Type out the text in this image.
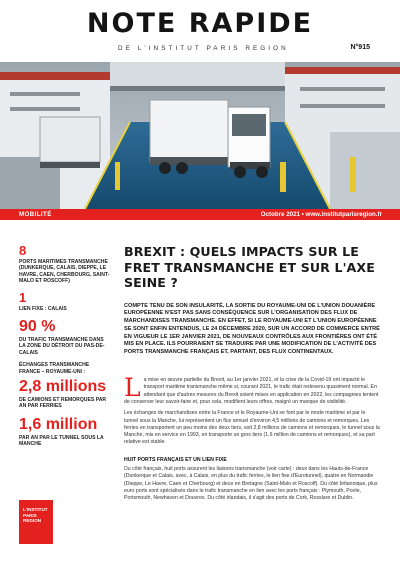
NOTE RAPIDE
DE L'INSTITUT PARIS REGION	N°915
MOBILITÉ	Octobre 2021 • www.institutparisregion.fr
8
PORTS MARITIMES TRANSMANCHE (DUNKERQUE, CALAIS, DIEPPE, LE HAVRE, CAEN, CHERBOURG, SAINT-MALO ET ROSCOFF)
1
LIEN FIXE : CALAIS
90 %
DU TRAFIC TRANSMANCHE DANS LA ZONE DU DÉTROIT DU PAS-DE-CALAIS
ÉCHANGES TRANSMANCHE FRANCE – ROYAUME-UNI :
2,8 millions
DE CAMIONS ET REMORQUES PAR AN PAR FERRIES
1,6 million
PAR AN PAR LE TUNNEL SOUS LA MANCHE
L'INSTITUT
PARIS
REGION
BREXIT : QUELS IMPACTS SUR LE FRET TRANSMANCHE ET SUR L'AXE SEINE ?

COMPTE TENU DE SON INSULARITÉ, LA SORTIE DU ROYAUME-UNI DE L'UNION DOUANIÈRE EUROPÉENNE N'EST PAS SANS CONSÉQUENCE SUR L'ORGANISATION DES FLUX DE MARCHANDISES TRANSMANCHE. EN EFFET, SI LE ROYAUME-UNI ET L'UNION EUROPÉENNE SE SONT ENFIN ENTENDUS, LE 24 DÉCEMBRE 2020, SUR UN ACCORD DE COMMERCE ENTRÉ EN VIGUEUR LE 1ER JANVIER 2021, DE NOUVEAUX CONTRÔLES AUX FRONTIÈRES ONT ÉTÉ MIS EN PLACE. ILS POURRAIENT SE TRADUIRE PAR UNE MODIFICATION DE L'ACTIVITÉ DES PORTS TRANSMANCHE FRANÇAIS ET, PARTANT, DES FLUX CONTINENTAUX.

La mise en œuvre partielle du Brexit, au 1er janvier 2021, et la crise de la Covid-19 ont impacté le transport maritime transmanche même si, courant 2021, le trafic était redevenu quasiment normal. En attendant que d'autres mesures du Brexit soient mises en application en 2022, les compagnies tentent de conserver leur savoir-faire et, pour cela, modifient leurs offres, malgré un manque de visibilité.

Les échanges de marchandises entre la France et le Royaume-Uni se font par le mode maritime et par le tunnel sous la Manche, lui représentent un flux annuel d'environ 4,5 millions de camions et remorques. Les ferries en transportent un peu moins des deux tiers, soit 2,8 millions de camions et remorques, le tunnel sous la Manche, mis en service en 1993, en transporte un gros tiers (1,6 million de camions et remorques), et sa part relative est stable.

HUIT PORTS FRANÇAIS ET UN LIEN FIXE

Du côté français, huit ports assurent les liaisons transmanche (voir carte) : deux dans les Hauts-de-France (Dunkerque et Calais, avec, à Calais, en plus du trafic ferries, le lien fixe d'Eurotunnel), quatre en Normandie (Dieppe, Le Havre, Caen et Cherbourg) et deux en Bretagne (Saint-Malo et Roscoff). Du côté britannique, plus euro ports sont spécialisés dans le trafic transmanche en lien avec les ports français : Plymouth, Poole, Portsmouth, Newhaven et Douvres. Du côté irlandais, il s'agit des ports de Cork, Rosslare et Dublin.
